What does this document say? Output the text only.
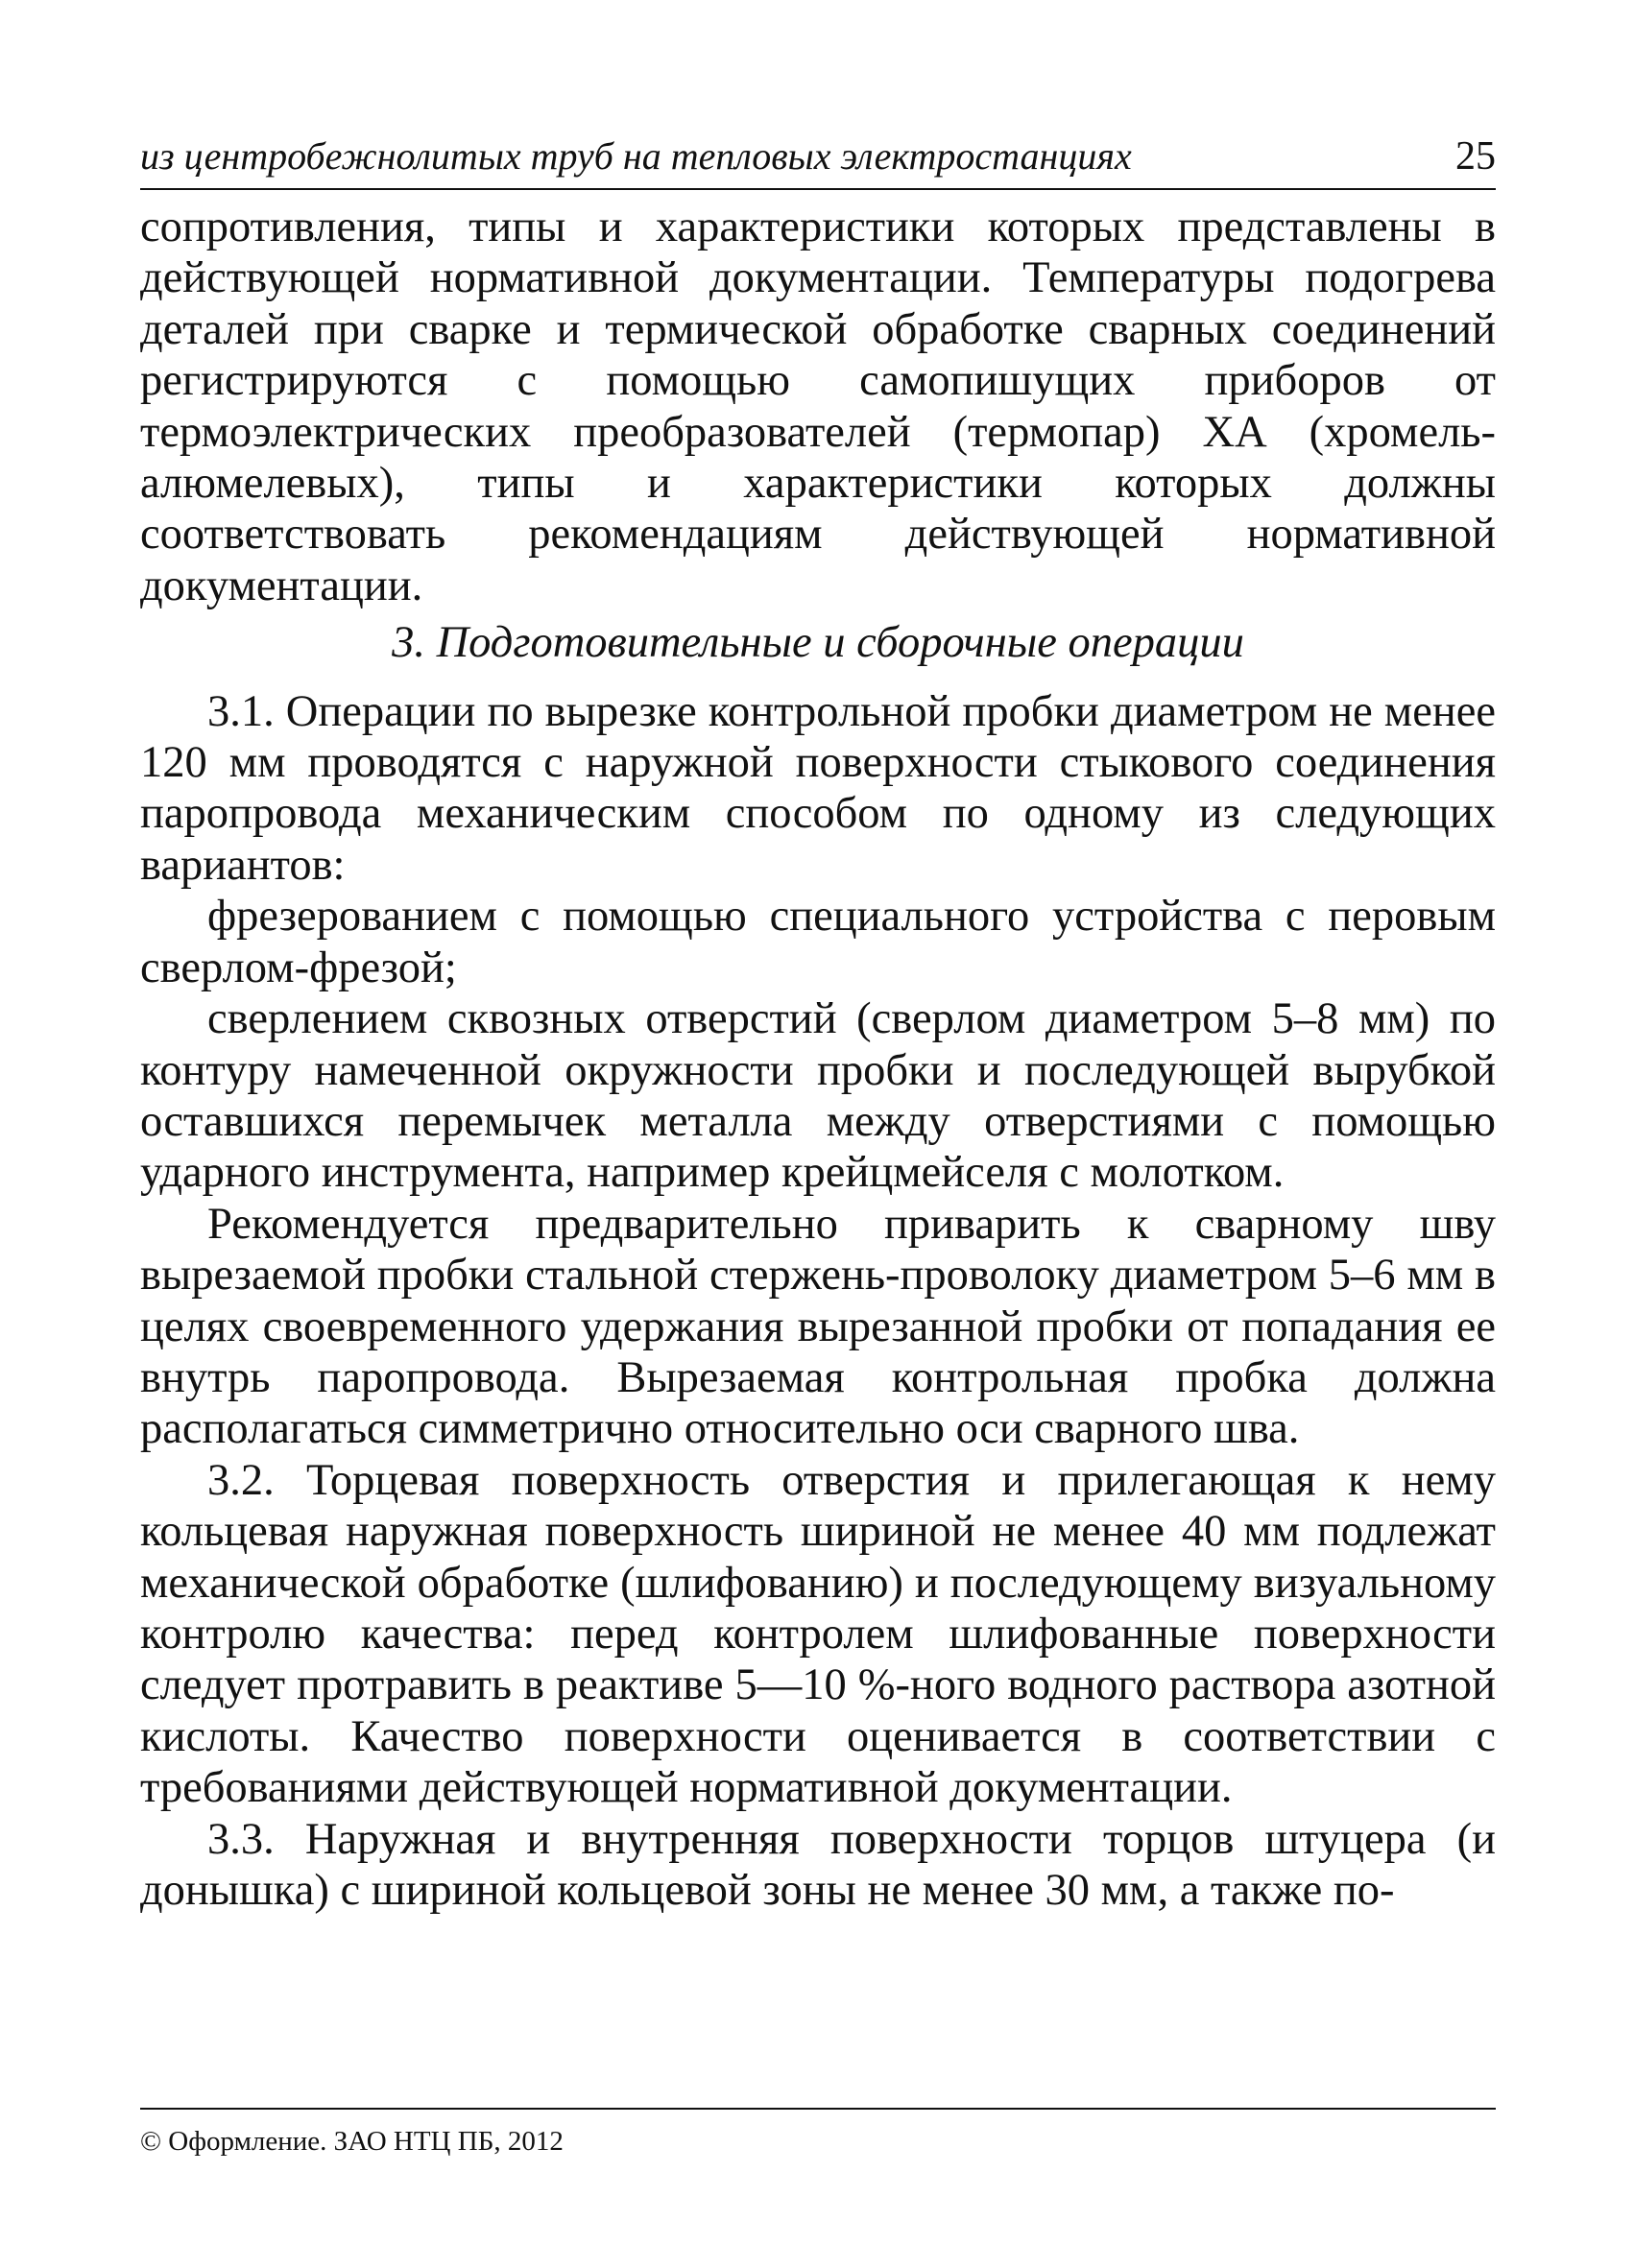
из центробежнолитых труб на тепловых электростанциях	25

сопротивления, типы и характеристики которых представлены в действующей нормативной документации. Температуры подогрева деталей при сварке и термической обработке сварных соединений регистрируются с помощью самопишущих приборов от термоэлектрических преобразователей (термопар) ХА (хромель-алюмелевых), типы и характеристики которых должны соответствовать рекомендациям действующей нормативной документации.

3. Подготовительные и сборочные операции

3.1. Операции по вырезке контрольной пробки диаметром не менее 120 мм проводятся с наружной поверхности стыкового соединения паропровода механическим способом по одному из следующих вариантов:

фрезерованием с помощью специального устройства с перовым сверлом-фрезой;

сверлением сквозных отверстий (сверлом диаметром 5–8 мм) по контуру намеченной окружности пробки и последующей вырубкой оставшихся перемычек металла между отверстиями с помощью ударного инструмента, например крейцмейселя с молотком.

Рекомендуется предварительно приварить к сварному шву вырезаемой пробки стальной стержень-проволоку диаметром 5–6 мм в целях своевременного удержания вырезанной пробки от попадания ее внутрь паропровода. Вырезаемая контрольная пробка должна располагаться симметрично относительно оси сварного шва.

3.2. Торцевая поверхность отверстия и прилегающая к нему кольцевая наружная поверхность шириной не менее 40 мм подлежат механической обработке (шлифованию) и последующему визуальному контролю качества: перед контролем шлифованные поверхности следует протравить в реактиве 5—10 %-ного водного раствора азотной кислоты. Качество поверхности оценивается в соответствии с требованиями действующей нормативной документации.

3.3. Наружная и внутренняя поверхности торцов штуцера (и донышка) с шириной кольцевой зоны не менее 30 мм, а также по-

© Оформление. ЗАО НТЦ ПБ, 2012
